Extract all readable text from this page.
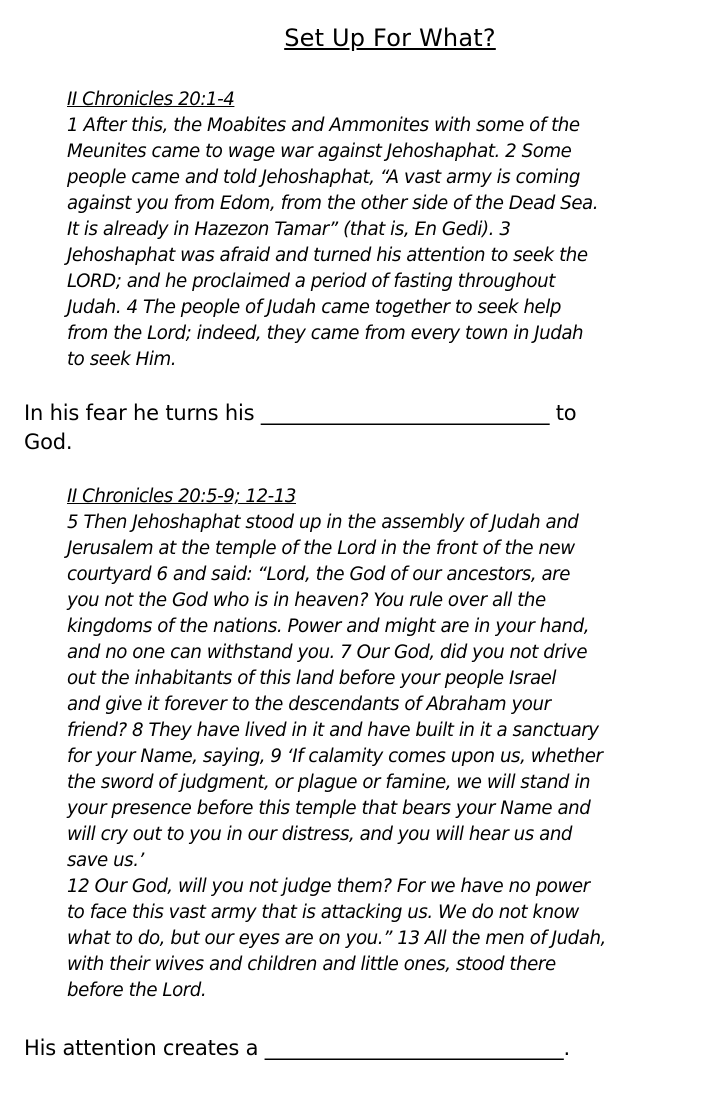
Set Up For What?
II Chronicles 20:1-4
1 After this, the Moabites and Ammonites with some of the
Meunites came to wage war against Jehoshaphat. 2 Some
people came and told Jehoshaphat, “A vast army is coming
against you from Edom, from the other side of the Dead Sea.
It is already in Hazezon Tamar” (that is, En Gedi). 3
Jehoshaphat was afraid and turned his attention to seek the
LORD; and he proclaimed a period of fasting throughout
Judah. 4 The people of Judah came together to seek help
from the Lord; indeed, they came from every town in Judah
to seek Him.
In his fear he turns his ____________________________ to
God.
II Chronicles 20:5-9; 12-13
5 Then Jehoshaphat stood up in the assembly of Judah and
Jerusalem at the temple of the Lord in the front of the new
courtyard 6 and said: “Lord, the God of our ancestors, are
you not the God who is in heaven? You rule over all the
kingdoms of the nations. Power and might are in your hand,
and no one can withstand you. 7 Our God, did you not drive
out the inhabitants of this land before your people Israel
and give it forever to the descendants of Abraham your
friend? 8 They have lived in it and have built in it a sanctuary
for your Name, saying, 9 ‘If calamity comes upon us, whether
the sword of judgment, or plague or famine, we will stand in
your presence before this temple that bears your Name and
will cry out to you in our distress, and you will hear us and
save us.’
12 Our God, will you not judge them? For we have no power
to face this vast army that is attacking us. We do not know
what to do, but our eyes are on you.” 13 All the men of Judah,
with their wives and children and little ones, stood there
before the Lord.
His attention creates a _____________________________.
